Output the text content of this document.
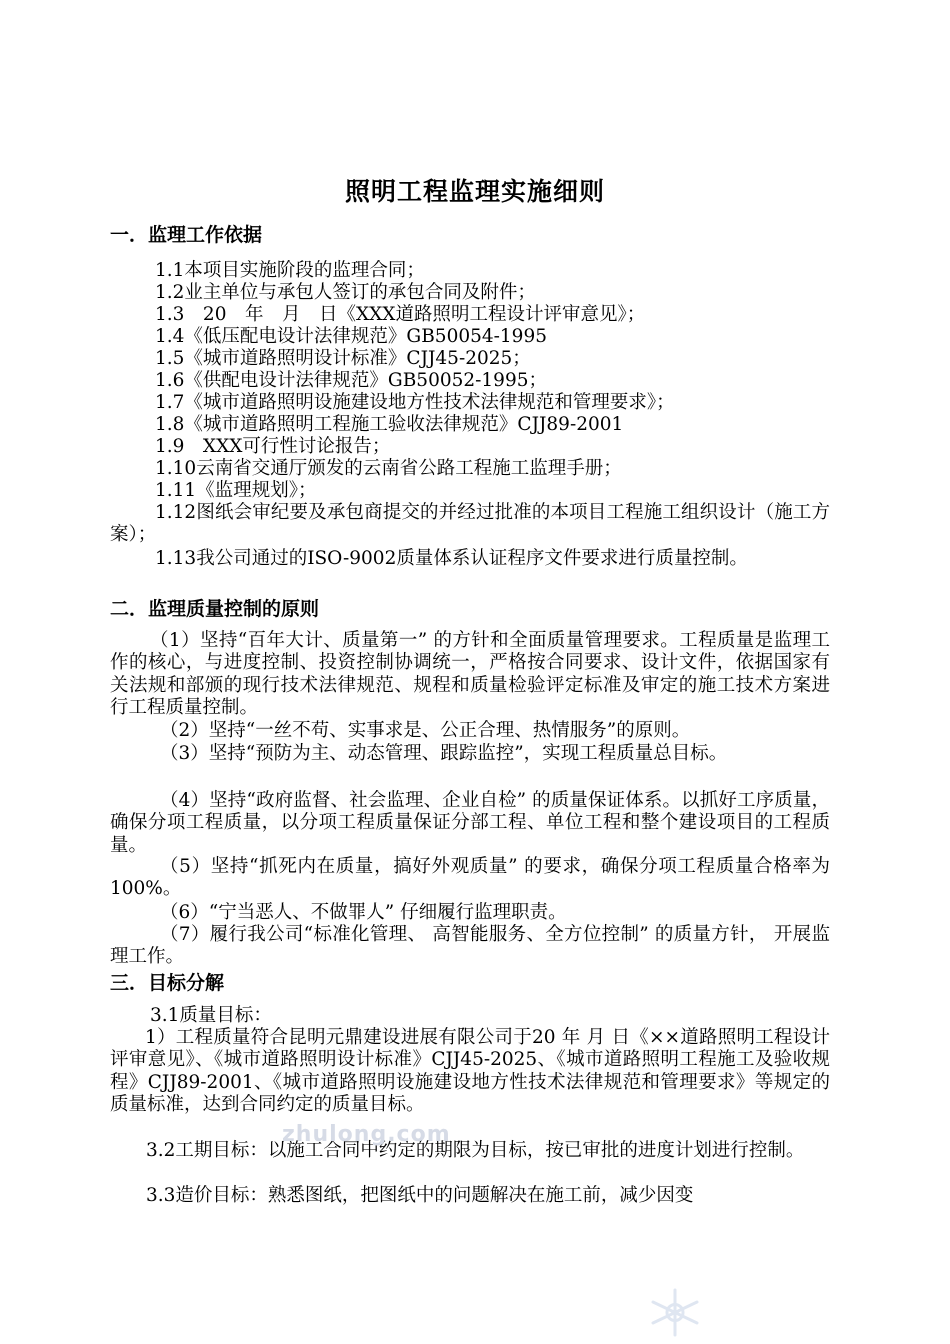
照明工程监理实施细则
一．监理工作依据
1.1本项目实施阶段的监理合同；
1.2业主单位与承包人签订的承包合同及附件；
1.3　20　年　月　日《XXX道路照明工程设计评审意见》；
1.4《低压配电设计法律规范》GB50054-1995
1.5《城市道路照明设计标准》CJJ45-2025；
1.6《供配电设计法律规范》GB50052-1995；
1.7《城市道路照明设施建设地方性技术法律规范和管理要求》；
1.8《城市道路照明工程施工验收法律规范》CJJ89-2001
1.9　XXX可行性讨论报告；
1.10云南省交通厅颁发的云南省公路工程施工监理手册；
1.11《监理规划》；
1.12图纸会审纪要及承包商提交的并经过批准的本项目工程施工组织设计（施工方案）；
1.13我公司通过的ISO-9002质量体系认证程序文件要求进行质量控制。
二．监理质量控制的原则
（1）坚持“百年大计、质量第一” 的方针和全面质量管理要求。工程质量是监理工作的核心，与进度控制、投资控制协调统一，严格按合同要求、设计文件，依据国家有关法规和部颁的现行技术法律规范、规程和质量检验评定标准及审定的施工技术方案进行工程质量控制。
（2）坚持“一丝不苟、实事求是、公正合理、热情服务”的原则。
（3）坚持“预防为主、动态管理、跟踪监控”，实现工程质量总目标。
（4）坚持“政府监督、社会监理、企业自检” 的质量保证体系。以抓好工序质量，确保分项工程质量，以分项工程质量保证分部工程、单位工程和整个建设项目的工程质量。
（5）坚持“抓死内在质量，搞好外观质量” 的要求，确保分项工程质量合格率为100%。
（6）“宁当恶人、不做罪人” 仔细履行监理职责。
（7）履行我公司“标准化管理、 高智能服务、全方位控制” 的质量方针， 开展监理工作。
三．目标分解
3.1质量目标：
1）工程质量符合昆明元鼎建设进展有限公司于20 年 月 日《××道路照明工程设计评审意见》、《城市道路照明设计标准》CJJ45-2025、《城市道路照明工程施工及验收规程》CJJ89-2001、《城市道路照明设施建设地方性技术法律规范和管理要求》等规定的质量标准，达到合同约定的质量目标。
3.2工期目标：以施工合同中约定的期限为目标，按已审批的进度计划进行控制。
3.3造价目标：熟悉图纸，把图纸中的问题解决在施工前，减少因变
zhulong.com
